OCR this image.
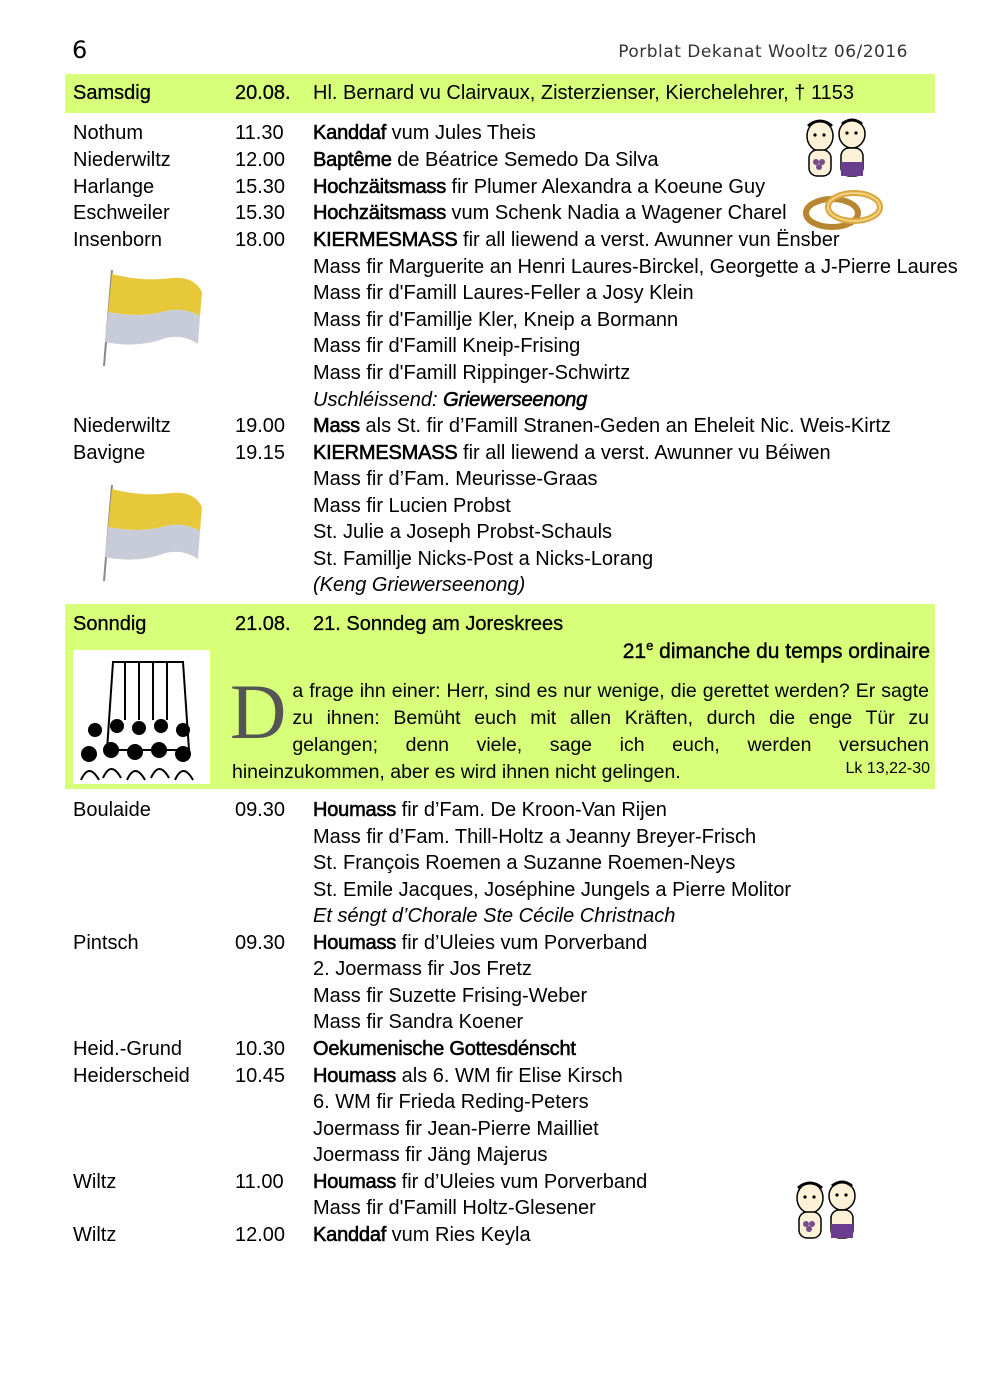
6	Porblat Dekanat Wooltz 06/2016
Samsdig	20.08. Hl. Bernard vu Clairvaux, Zisterzienser, Kierchelehrer, † 1153
Nothum	11.30 Kanddaf vum Jules Theis
Niederwiltz	12.00 Baptême de Béatrice Semedo Da Silva
Harlange	15.30 Hochzäitsmass fir Plumer Alexandra a Koeune Guy
Eschweiler	15.30 Hochzäitsmass vum Schenk Nadia a Wagener Charel
Insenborn	18.00 KIERMESMASS fir all liewend a verst. Awunner vun Ënsber
Mass fir Marguerite an Henri Laures-Birckel, Georgette a J-Pierre Laures
Mass fir d'Famill Laures-Feller a Josy Klein
Mass fir d'Famillje Kler, Kneip a Bormann
Mass fir d'Famill Kneip-Frising
Mass fir d'Famill Rippinger-Schwirtz
Uschléissend: Griewerseenong
Niederwiltz	19.00 Mass als St. fir d’Famill Stranen-Geden an Eheleit Nic. Weis-Kirtz
Bavigne	19.15 KIERMESMASS fir all liewend a verst. Awunner vu Béiwen
Mass fir d’Fam. Meurisse-Graas
Mass fir Lucien Probst
St. Julie a Joseph Probst-Schauls
St. Famillje Nicks-Post a Nicks-Lorang
(Keng Griewerseenong)
Sonndig	21.08. 21. Sonndeg am Joreskrees
21e dimanche du temps ordinaire
Da frage ihn einer: Herr, sind es nur wenige, die gerettet werden? Er sagte zu ihnen: Bemüht euch mit allen Kräften, durch die enge Tür zu gelangen; denn viele, sage ich euch, werden versuchen hineinzukommen, aber es wird ihnen nicht gelingen.	Lk 13,22-30
Boulaide	09.30 Houmass fir d’Fam. De Kroon-Van Rijen
Mass fir d’Fam. Thill-Holtz a Jeanny Breyer-Frisch
St. François Roemen a Suzanne Roemen-Neys
St. Emile Jacques, Joséphine Jungels a Pierre Molitor
Et séngt d’Chorale Ste Cécile Christnach
Pintsch	09.30 Houmass fir d’Uleies vum Porverband
2. Joermass fir Jos Fretz
Mass fir Suzette Frising-Weber
Mass fir Sandra Koener
Heid.-Grund	10.30 Oekumenische Gottesdénscht
Heiderscheid 10.45 Houmass als 6. WM fir Elise Kirsch
6. WM fir Frieda Reding-Peters
Joermass fir Jean-Pierre Mailliet
Joermass fir Jäng Majerus
Wiltz	11.00 Houmass fir d’Uleies vum Porverband
Mass fir d'Famill Holtz-Glesener
Wiltz	12.00 Kanddaf vum Ries Keyla
